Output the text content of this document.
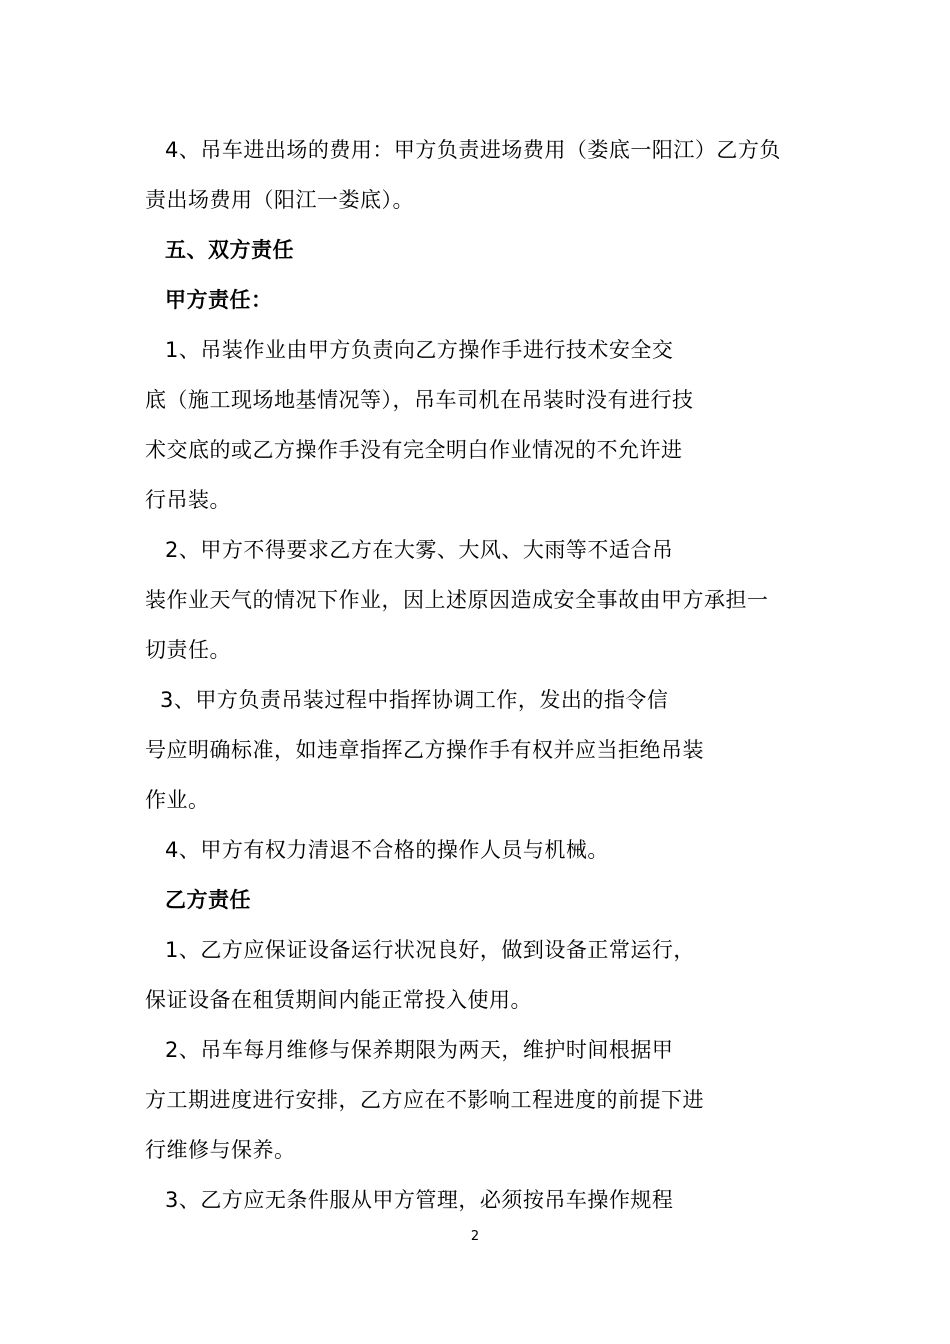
4、吊车进出场的费用：甲方负责进场费用（娄底一阳江）乙方负
责出场费用（阳江一娄底）。
五、双方责任
甲方责任：
1、吊装作业由甲方负责向乙方操作手进行技术安全交
底（施工现场地基情况等），吊车司机在吊装时没有进行技
术交底的或乙方操作手没有完全明白作业情况的不允许进
行吊装。
2、甲方不得要求乙方在大雾、大风、大雨等不适合吊
装作业天气的情况下作业，因上述原因造成安全事故由甲方承担一
切责任。
3、甲方负责吊装过程中指挥协调工作，发出的指令信
号应明确标准，如违章指挥乙方操作手有权并应当拒绝吊装
作业。
4、甲方有权力清退不合格的操作人员与机械。
乙方责任
1、乙方应保证设备运行状况良好，做到设备正常运行，
保证设备在租赁期间内能正常投入使用。
2、吊车每月维修与保养期限为两天，维护时间根据甲
方工期进度进行安排，乙方应在不影响工程进度的前提下进
行维修与保养。
3、乙方应无条件服从甲方管理，必须按吊车操作规程
2
